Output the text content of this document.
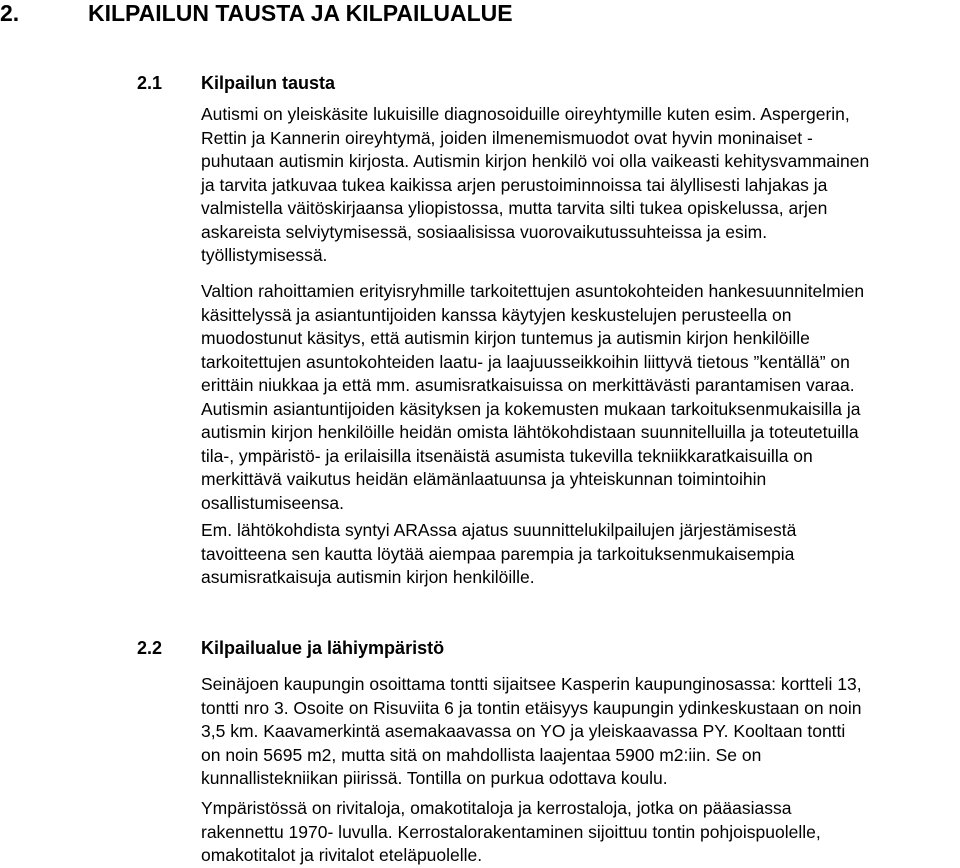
2.	KILPAILUN TAUSTA JA KILPAILUALUE
2.1 Kilpailun tausta
Autismi on yleiskäsite lukuisille diagnosoiduille oireyhtymille kuten esim. Aspergerin,
Rettin ja Kannerin oireyhtymä, joiden ilmenemismuodot ovat hyvin moninaiset -
puhutaan autismin kirjosta. Autismin kirjon henkilö voi olla vaikeasti kehitysvammainen
ja tarvita jatkuvaa tukea kaikissa arjen perustoiminnoissa tai älyllisesti lahjakas ja
valmistella väitöskirjaansa yliopistossa, mutta tarvita silti tukea opiskelussa, arjen
askareista selviytymisessä, sosiaalisissa vuorovaikutussuhteissa ja esim.
työllistymisessä.
Valtion rahoittamien erityisryhmille tarkoitettujen asuntokohteiden hankesuunnitelmien
käsittelyssä ja asiantuntijoiden kanssa käytyjen keskustelujen perusteella on
muodostunut käsitys, että autismin kirjon tuntemus ja autismin kirjon henkilöille
tarkoitettujen asuntokohteiden laatu- ja laajuusseikkoihin liittyvä tietous ”kentällä” on
erittäin niukkaa ja että mm. asumisratkaisuissa on merkittävästi parantamisen varaa.
Autismin asiantuntijoiden käsityksen ja kokemusten mukaan tarkoituksenmukaisilla ja
autismin kirjon henkilöille heidän omista lähtökohdistaan suunnitelluilla ja toteutetuilla
tila-, ympäristö- ja erilaisilla itsenäistä asumista tukevilla tekniikkaratkaisuilla on
merkittävä vaikutus heidän elämänlaatuunsa ja yhteiskunnan toimintoihin
osallistumiseensa.
Em. lähtökohdista syntyi ARAssa ajatus suunnittelukilpailujen järjestämisestä
tavoitteena sen kautta löytää aiempaa parempia ja tarkoituksenmukaisempia
asumisratkaisuja autismin kirjon henkilöille.
2.2 Kilpailualue ja lähiympäristö
Seinäjoen kaupungin osoittama tontti sijaitsee Kasperin kaupunginosassa: kortteli 13,
tontti nro 3. Osoite on Risuviita 6 ja tontin etäisyys kaupungin ydinkeskustaan on noin
3,5 km. Kaavamerkintä asemakaavassa on YO ja yleiskaavassa PY. Kooltaan tontti
on noin 5695 m2, mutta sitä on mahdollista laajentaa 5900 m2:iin. Se on
kunnallistekniikan piirissä. Tontilla on purkua odottava koulu.
Ympäristössä on rivitaloja, omakotitaloja ja kerrostaloja, jotka on pääasiassa
rakennettu 1970- luvulla. Kerrostalorakentaminen sijoittuu tontin pohjoispuolelle,
omakotitalot ja rivitalot eteläpuolelle.
